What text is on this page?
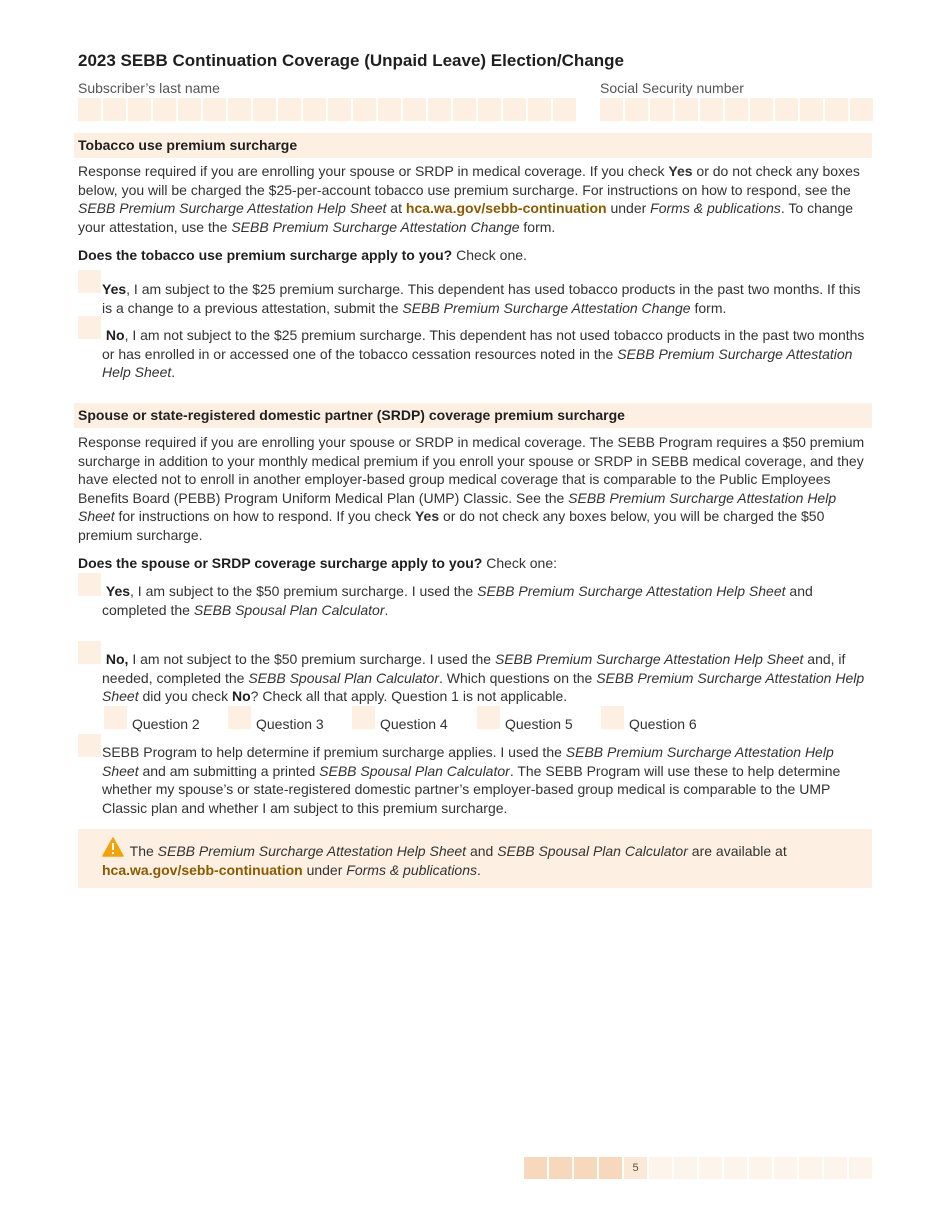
2023 SEBB Continuation Coverage (Unpaid Leave) Election/Change
Subscriber’s last name	Social Security number
Tobacco use premium surcharge

Response required if you are enrolling your spouse or SRDP in medical coverage. If you check Yes or do not check any boxes below, you will be charged the $25-per-account tobacco use premium surcharge. For instructions on how to respond, see the SEBB Premium Surcharge Attestation Help Sheet at hca.wa.gov/sebb-continuation under Forms & publications. To change your attestation, use the SEBB Premium Surcharge Attestation Change form.

Does the tobacco use premium surcharge apply to you? Check one.

Yes, I am subject to the $25 premium surcharge. This dependent has used tobacco products in the past two months. If this is a change to a previous attestation, submit the SEBB Premium Surcharge Attestation Change form.
No, I am not subject to the $25 premium surcharge. This dependent has not used tobacco products in the past two months or has enrolled in or accessed one of the tobacco cessation resources noted in the SEBB Premium Surcharge Attestation Help Sheet.
Spouse or state-registered domestic partner (SRDP) coverage premium surcharge

Response required if you are enrolling your spouse or SRDP in medical coverage. The SEBB Program requires a $50 premium surcharge in addition to your monthly medical premium if you enroll your spouse or SRDP in SEBB medical coverage, and they have elected not to enroll in another employer-based group medical coverage that is comparable to the Public Employees Benefits Board (PEBB) Program Uniform Medical Plan (UMP) Classic. See the SEBB Premium Surcharge Attestation Help Sheet for instructions on how to respond. If you check Yes or do not check any boxes below, you will be charged the $50 premium surcharge.

Does the spouse or SRDP coverage surcharge apply to you? Check one:

Yes, I am subject to the $50 premium surcharge. I used the SEBB Premium Surcharge Attestation Help Sheet and completed the SEBB Spousal Plan Calculator.
No, I am not subject to the $50 premium surcharge. I used the SEBB Premium Surcharge Attestation Help Sheet and, if needed, completed the SEBB Spousal Plan Calculator. Which questions on the SEBB Premium Surcharge Attestation Help Sheet did you check No? Check all that apply. Question 1 is not applicable.
Question 2	Question 3	Question 4	Question 5	Question 6
SEBB Program to help determine if premium surcharge applies. I used the SEBB Premium Surcharge Attestation Help Sheet and am submitting a printed SEBB Spousal Plan Calculator. The SEBB Program will use these to help determine whether my spouse’s or state-registered domestic partner’s employer-based group medical is comparable to the UMP Classic plan and whether I am subject to this premium surcharge.
The SEBB Premium Surcharge Attestation Help Sheet and SEBB Spousal Plan Calculator are available at
hca.wa.gov/sebb-continuation under Forms & publications.
5
